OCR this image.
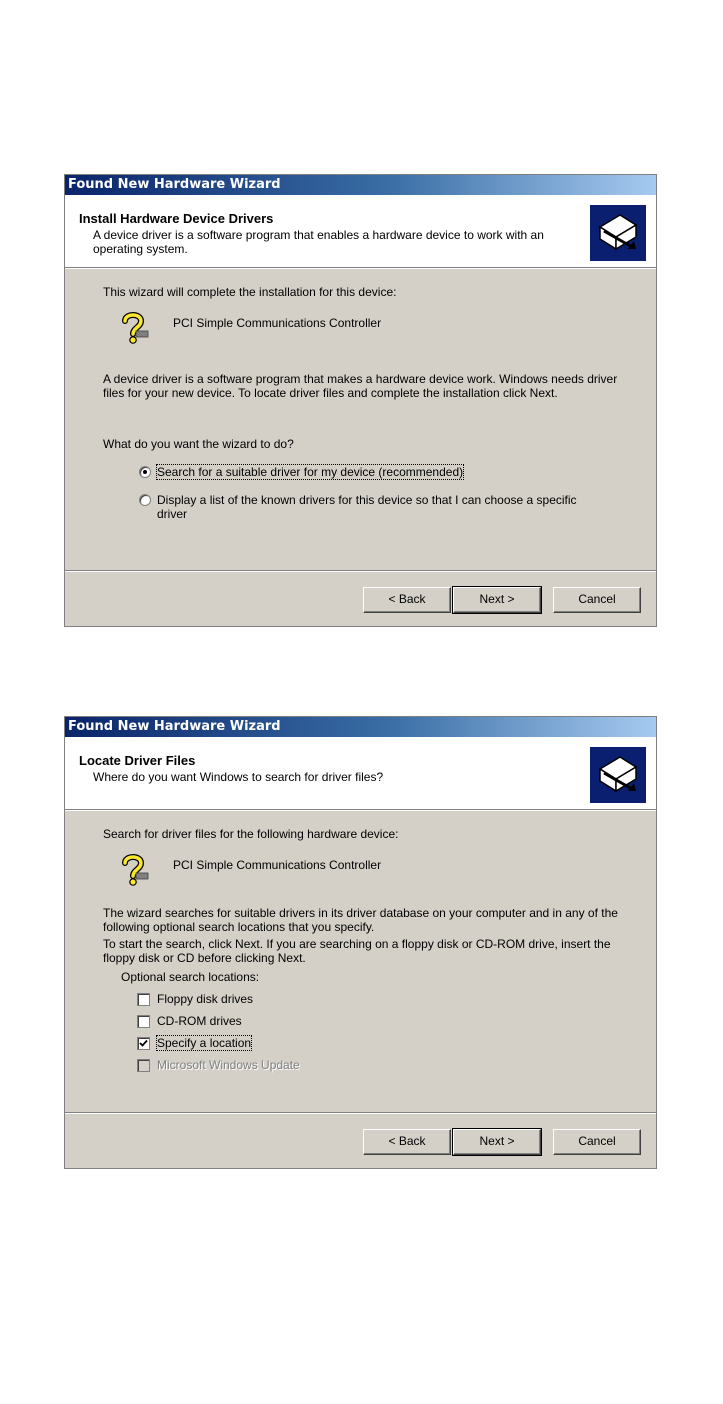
Found New Hardware Wizard
Install Hardware Device Drivers
A device driver is a software program that enables a hardware device to work with an operating system.
This wizard will complete the installation for this device:
PCI Simple Communications Controller
A device driver is a software program that makes a hardware device work. Windows needs driver files for your new device. To locate driver files and complete the installation click Next.
What do you want the wizard to do?
Search for a suitable driver for my device (recommended)
Display a list of the known drivers for this device so that I can choose a specific driver
< Back	Next >	Cancel
Found New Hardware Wizard
Locate Driver Files
Where do you want Windows to search for driver files?
Search for driver files for the following hardware device:
PCI Simple Communications Controller
The wizard searches for suitable drivers in its driver database on your computer and in any of the following optional search locations that you specify.
To start the search, click Next. If you are searching on a floppy disk or CD-ROM drive, insert the floppy disk or CD before clicking Next.
Optional search locations:
Floppy disk drives
CD-ROM drives
Specify a location
Microsoft Windows Update
< Back	Next >	Cancel
